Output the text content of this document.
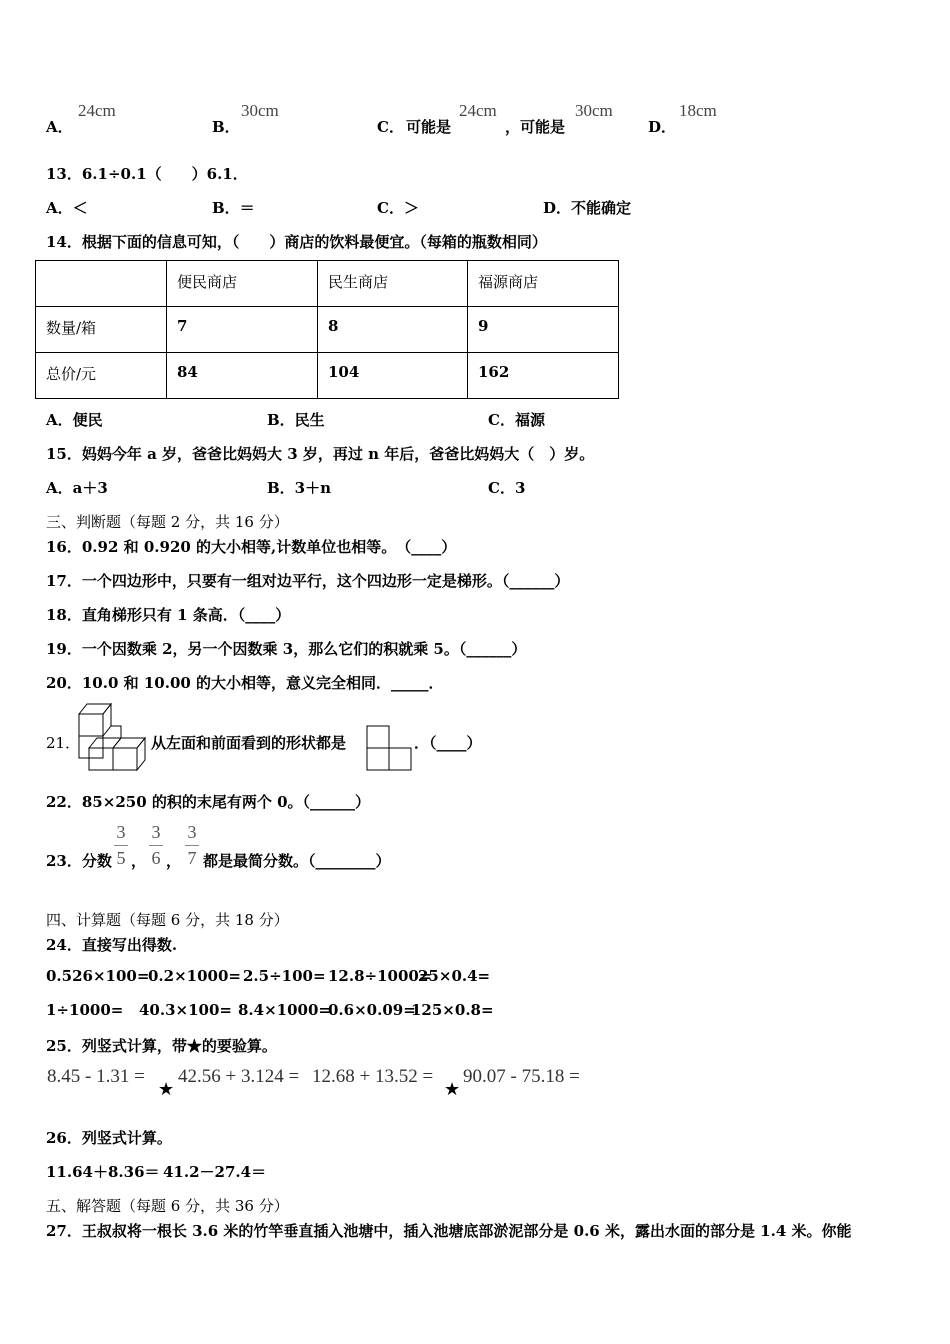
A．
24cm
B．
30cm
C． 可能是
24cm
，可能是
30cm
D．
18cm
13．6.1÷0.1（　　）6.1．
A．＜	B．＝	C．＞	D．不能确定
14．根据下面的信息可知，（　　）商店的饮料最便宜。（每箱的瓶数相同）
	便民商店	民生商店	福源商店
数量/箱	7	8	9
总价/元	84	104	162
A．便民	B．民生	C．福源
15．妈妈今年 a 岁，爸爸比妈妈大 3 岁，再过 n 年后，爸爸比妈妈大（　）岁。
A．a＋3	B．3＋n	C．3
三、判断题（每题 2 分，共 16 分）
16．0.92 和 0.920 的大小相等,计数单位也相等。　（____）
17．一个四边形中，只要有一组对边平行，这个四边形一定是梯形。（______）
18．直角梯形只有 1 条高．（____）
19．一个因数乘 2，另一个因数乘 3，那么它们的积就乘 5。（______）
20．10.0 和 10.00 的大小相等，意义完全相同．_____．
21．	从左面和前面看到的形状都是	．（____）
22．85×250 的积的末尾有两个 0。（______）
23．分数
3
5 ，
3
6 ，
3
7 都是最简分数。（________）
四、计算题（每题 6 分，共 18 分）
24．直接写出得数.
0.526×100=
0.2×1000= 2.5÷100= 12.8÷1000=
25×0.4=
1÷1000= 40.3×100= 8.4×1000=
0.6×0.09=
125×0.8=
25．列竖式计算，带★的要验算。
8.45 - 1.31 =
★
42.56 + 3.124 = 12.68 + 13.52 =
★
90.07 - 75.18 =
26．列竖式计算。
11.64＋8.36＝ 41.2－27.4＝
五、解答题（每题 6 分，共 36 分）
27．王叔叔将一根长 3.6 米的竹竿垂直插入池塘中，插入池塘底部淤泥部分是 0.6 米，露出水面的部分是 1.4 米。你能
